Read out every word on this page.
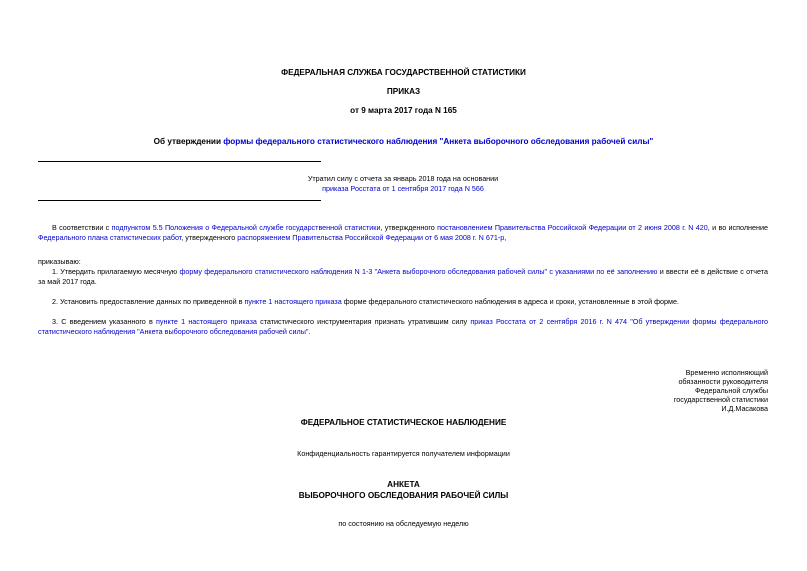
ФЕДЕРАЛЬНАЯ СЛУЖБА ГОСУДАРСТВЕННОЙ СТАТИСТИКИ
ПРИКАЗ
от 9 марта 2017 года N 165
Об утверждении формы федерального статистического наблюдения "Анкета выборочного обследования рабочей силы"
Утратил силу с отчета за январь 2018 года на основании
приказа Росстата от 1 сентября 2017 года N 566
В соответствии с подпунктом 5.5 Положения о Федеральной службе государственной статистики, утвержденного постановлением Правительства Российской Федерации от 2 июня 2008 г. N 420, и во исполнение Федерального плана статистических работ, утвержденного распоряжением Правительства Российской Федерации от 6 мая 2008 г. N 671-р,
приказываю:
1. Утвердить прилагаемую месячную форму федерального статистического наблюдения N 1-3 "Анкета выборочного обследования рабочей силы" с указаниями по её заполнению и ввести её в действие с отчета за май 2017 года.
2. Установить предоставление данных по приведенной в пункте 1 настоящего приказа форме федерального статистического наблюдения в адреса и сроки, установленные в этой форме.
3. С введением указанного в пункте 1 настоящего приказа статистического инструментария признать утратившим силу приказ Росстата от 2 сентября 2016 г. N 474 "Об утверждении формы федерального статистического наблюдения "Анкета выборочного обследования рабочей силы".
Временно исполняющий
обязанности руководителя
Федеральной службы
государственной статистики
И.Д.Масакова
ФЕДЕРАЛЬНОЕ СТАТИСТИЧЕСКОЕ НАБЛЮДЕНИЕ
Конфиденциальность гарантируется получателем информации
АНКЕТА
ВЫБОРОЧНОГО ОБСЛЕДОВАНИЯ РАБОЧЕЙ СИЛЫ
по состоянию на обследуемую неделю
